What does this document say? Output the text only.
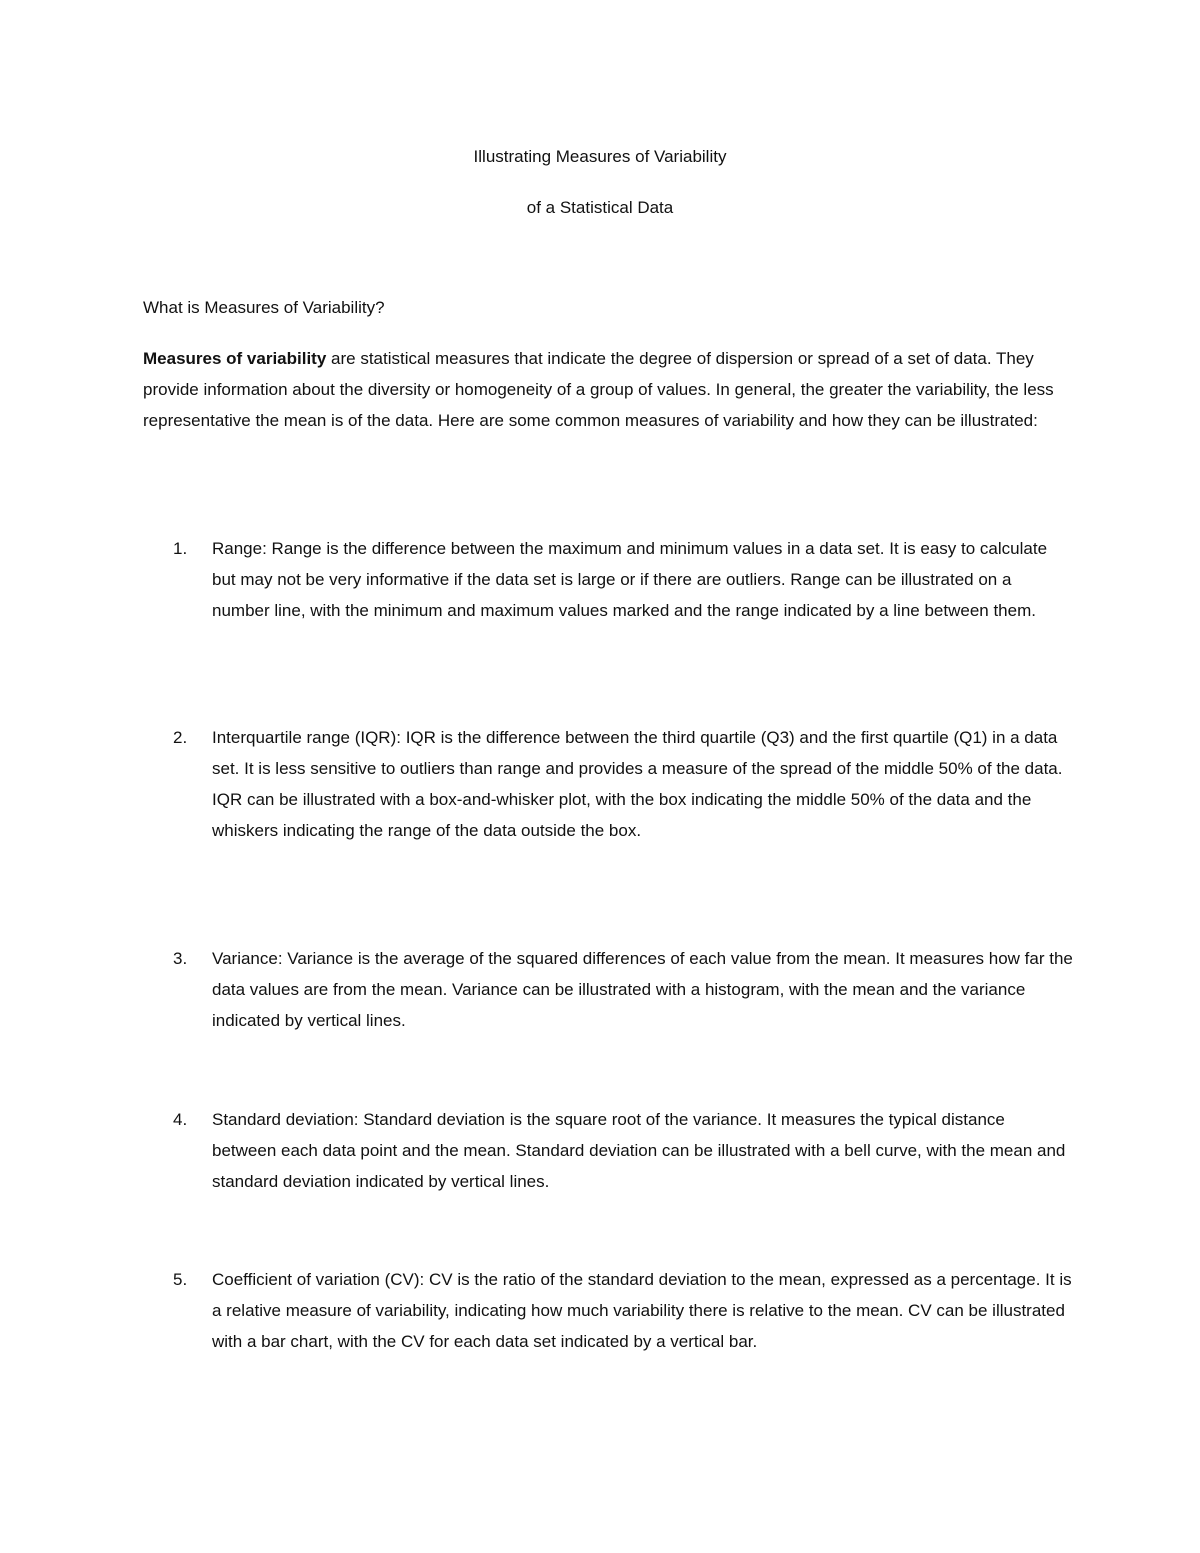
Illustrating Measures of Variability
of a Statistical Data
What is Measures of Variability?
Measures of variability are statistical measures that indicate the degree of dispersion or spread of a set of data. They provide information about the diversity or homogeneity of a group of values. In general, the greater the variability, the less representative the mean is of the data. Here are some common measures of variability and how they can be illustrated:
1.	Range: Range is the difference between the maximum and minimum values in a data set. It is easy to calculate but may not be very informative if the data set is large or if there are outliers. Range can be illustrated on a number line, with the minimum and maximum values marked and the range indicated by a line between them.
2.	Interquartile range (IQR): IQR is the difference between the third quartile (Q3) and the first quartile (Q1) in a data set. It is less sensitive to outliers than range and provides a measure of the spread of the middle 50% of the data. IQR can be illustrated with a box-and-whisker plot, with the box indicating the middle 50% of the data and the whiskers indicating the range of the data outside the box.
3.	Variance: Variance is the average of the squared differences of each value from the mean. It measures how far the data values are from the mean. Variance can be illustrated with a histogram, with the mean and the variance indicated by vertical lines.
4.	Standard deviation: Standard deviation is the square root of the variance. It measures the typical distance between each data point and the mean. Standard deviation can be illustrated with a bell curve, with the mean and standard deviation indicated by vertical lines.
5.	Coefficient of variation (CV): CV is the ratio of the standard deviation to the mean, expressed as a percentage. It is a relative measure of variability, indicating how much variability there is relative to the mean. CV can be illustrated with a bar chart, with the CV for each data set indicated by a vertical bar.
